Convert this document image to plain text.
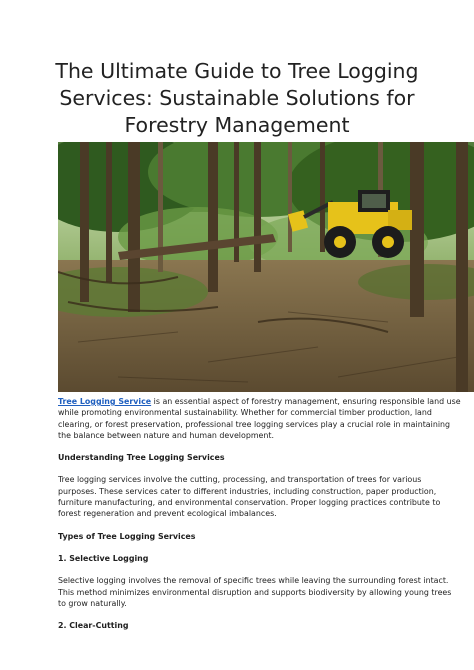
The Ultimate Guide to Tree Logging
Services: Sustainable Solutions for
Forestry Management

Tree Logging Service is an essential aspect of forestry management, ensuring responsible land use
while promoting environmental sustainability. Whether for commercial timber production, land
clearing, or forest preservation, professional tree logging services play a crucial role in maintaining
the balance between nature and human development.

Understanding Tree Logging Services

Tree logging services involve the cutting, processing, and transportation of trees for various
purposes. These services cater to different industries, including construction, paper production,
furniture manufacturing, and environmental conservation. Proper logging practices contribute to
forest regeneration and prevent ecological imbalances.

Types of Tree Logging Services
1. Selective Logging

Selective logging involves the removal of specific trees while leaving the surrounding forest intact.
This method minimizes environmental disruption and supports biodiversity by allowing young trees
to grow naturally.

2. Clear-Cutting
